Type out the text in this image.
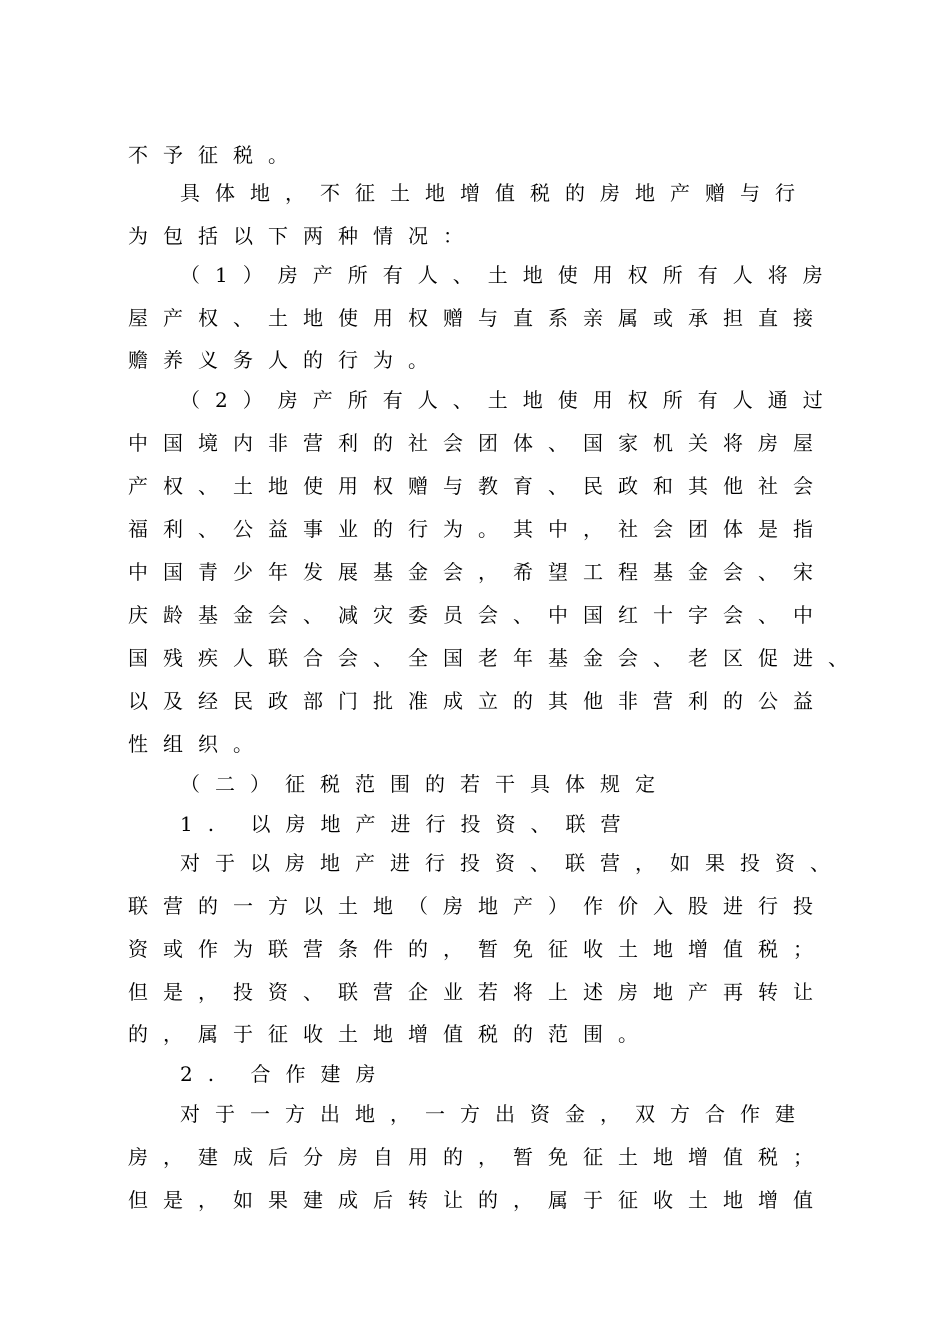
不予征税。
具体地，不征土地增值税的房地产赠与行
为包括以下两种情况：
（1）房产所有人、土地使用权所有人将房
屋产权、土地使用权赠与直系亲属或承担直接
赡养义务人的行为。
（2）房产所有人、土地使用权所有人通过
中国境内非营利的社会团体、国家机关将房屋
产权、土地使用权赠与教育、民政和其他社会
福利、公益事业的行为。其中，社会团体是指
中国青少年发展基金会，希望工程基金会、宋
庆龄基金会、减灾委员会、中国红十字会、中
国残疾人联合会、全国老年基金会、老区促进、
以及经民政部门批准成立的其他非营利的公益
性组织。
（二）征税范围的若干具体规定
1. 以房地产进行投资、联营
对于以房地产进行投资、联营，如果投资、
联营的一方以土地（房地产）作价入股进行投
资或作为联营条件的，暂免征收土地增值税；
但是，投资、联营企业若将上述房地产再转让
的，属于征收土地增值税的范围。
2. 合作建房
对于一方出地，一方出资金，双方合作建
房，建成后分房自用的，暂免征土地增值税；
但是，如果建成后转让的，属于征收土地增值
